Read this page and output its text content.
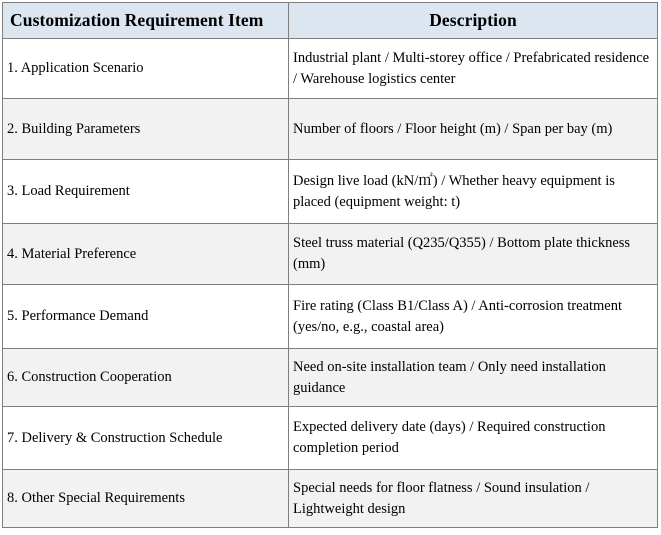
Customization Requirement Item	Description
1. Application Scenario	Industrial plant / Multi-storey office / Prefabricated residence / Warehouse logistics center
2. Building Parameters	Number of floors / Floor height (m) / Span per bay (m)
3. Load Requirement	Design live load (kN/㎡) / Whether heavy equipment is placed (equipment weight: t)
4. Material Preference	Steel truss material (Q235/Q355) / Bottom plate thickness (mm)
5. Performance Demand	Fire rating (Class B1/Class A) / Anti-corrosion treatment (yes/no, e.g., coastal area)
6. Construction Cooperation	Need on-site installation team / Only need installation guidance
7. Delivery & Construction Schedule	Expected delivery date (days) / Required construction completion period
8. Other Special Requirements	Special needs for floor flatness / Sound insulation / Lightweight design
